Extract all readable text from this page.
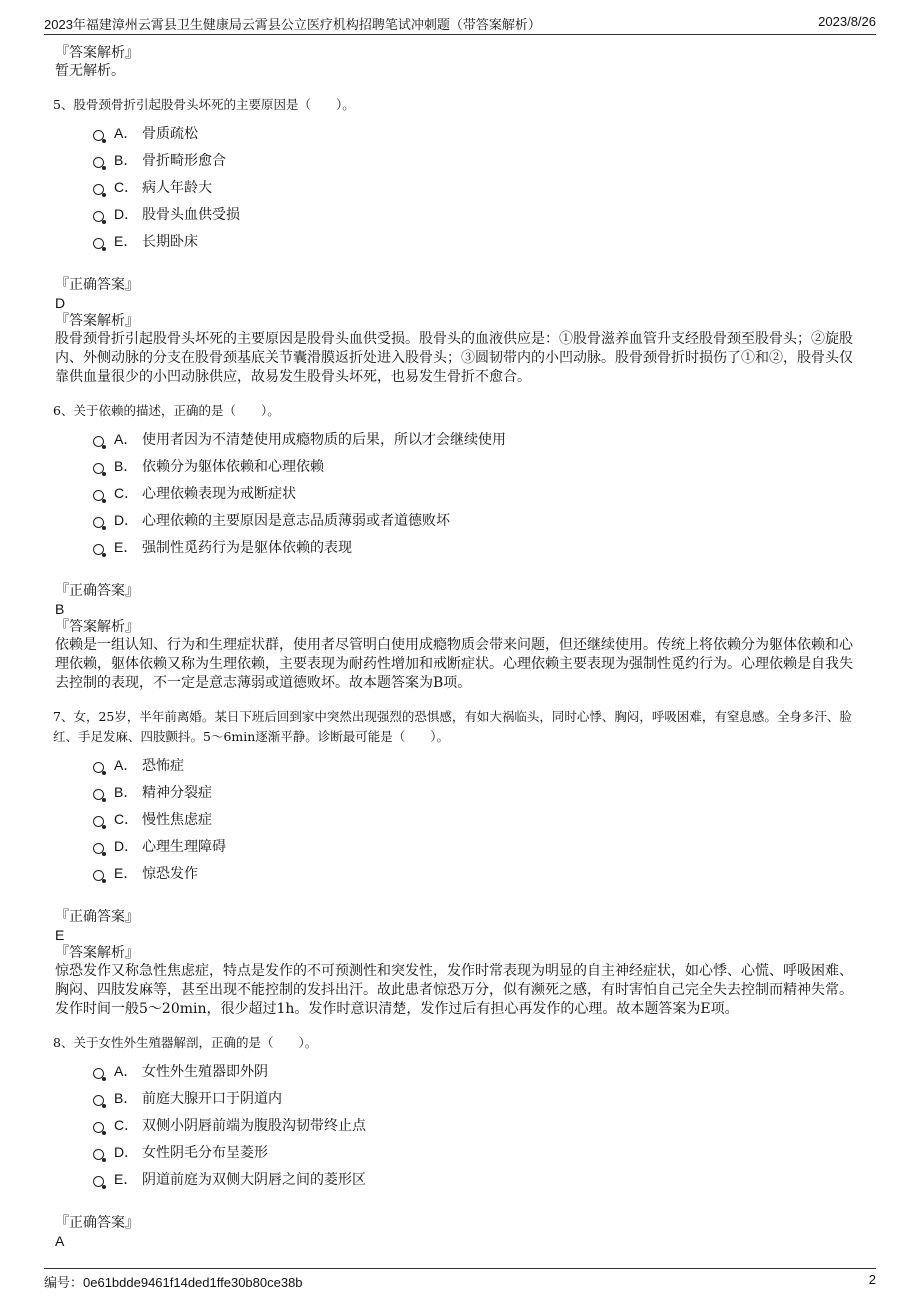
2023年福建漳州云霄县卫生健康局云霄县公立医疗机构招聘笔试冲刺题（带答案解析）	2023/8/26
『答案解析』
暂无解析。
5、股骨颈骨折引起股骨头坏死的主要原因是（　　）。
A． 骨质疏松
B． 骨折畸形愈合
C． 病人年龄大
D． 股骨头血供受损
E． 长期卧床
『正确答案』
D
『答案解析』
股骨颈骨折引起股骨头坏死的主要原因是股骨头血供受损。股骨头的血液供应是：①股骨滋养血管升支经股骨颈至股骨头；②旋股内、外侧动脉的分支在股骨颈基底关节囊滑膜返折处进入股骨头；③圆韧带内的小凹动脉。股骨颈骨折时损伤了①和②，股骨头仅靠供血量很少的小凹动脉供应，故易发生股骨头坏死，也易发生骨折不愈合。
6、关于依赖的描述，正确的是（　　）。
A． 使用者因为不清楚使用成瘾物质的后果，所以才会继续使用
B． 依赖分为躯体依赖和心理依赖
C． 心理依赖表现为戒断症状
D． 心理依赖的主要原因是意志品质薄弱或者道德败坏
E． 强制性觅药行为是躯体依赖的表现
『正确答案』
B
『答案解析』
依赖是一组认知、行为和生理症状群，使用者尽管明白使用成瘾物质会带来问题，但还继续使用。传统上将依赖分为躯体依赖和心理依赖，躯体依赖又称为生理依赖，主要表现为耐药性增加和戒断症状。心理依赖主要表现为强制性觅约行为。心理依赖是自我失去控制的表现，不一定是意志薄弱或道德败坏。故本题答案为B项。
7、女，25岁，半年前离婚。某日下班后回到家中突然出现强烈的恐惧感，有如大祸临头，同时心悸、胸闷，呼吸困难，有窒息感。全身多汗、脸红、手足发麻、四肢颤抖。5～6min逐渐平静。诊断最可能是（　　）。
A． 恐怖症
B． 精神分裂症
C． 慢性焦虑症
D． 心理生理障碍
E． 惊恐发作
『正确答案』
E
『答案解析』
惊恐发作又称急性焦虑症，特点是发作的不可预测性和突发性，发作时常表现为明显的自主神经症状，如心悸、心慌、呼吸困难、胸闷、四肢发麻等，甚至出现不能控制的发抖出汗。故此患者惊恐万分，似有濒死之感，有时害怕自己完全失去控制而精神失常。发作时间一般5～20min，很少超过1h。发作时意识清楚，发作过后有担心再发作的心理。故本题答案为E项。
8、关于女性外生殖器解剖，正确的是（　　）。
A． 女性外生殖器即外阴
B． 前庭大腺开口于阴道内
C． 双侧小阴唇前端为腹股沟韧带终止点
D． 女性阴毛分布呈菱形
E． 阴道前庭为双侧大阴唇之间的菱形区
『正确答案』
A
编号：0e61bdde9461f14ded1ffe30b80ce38b	2
